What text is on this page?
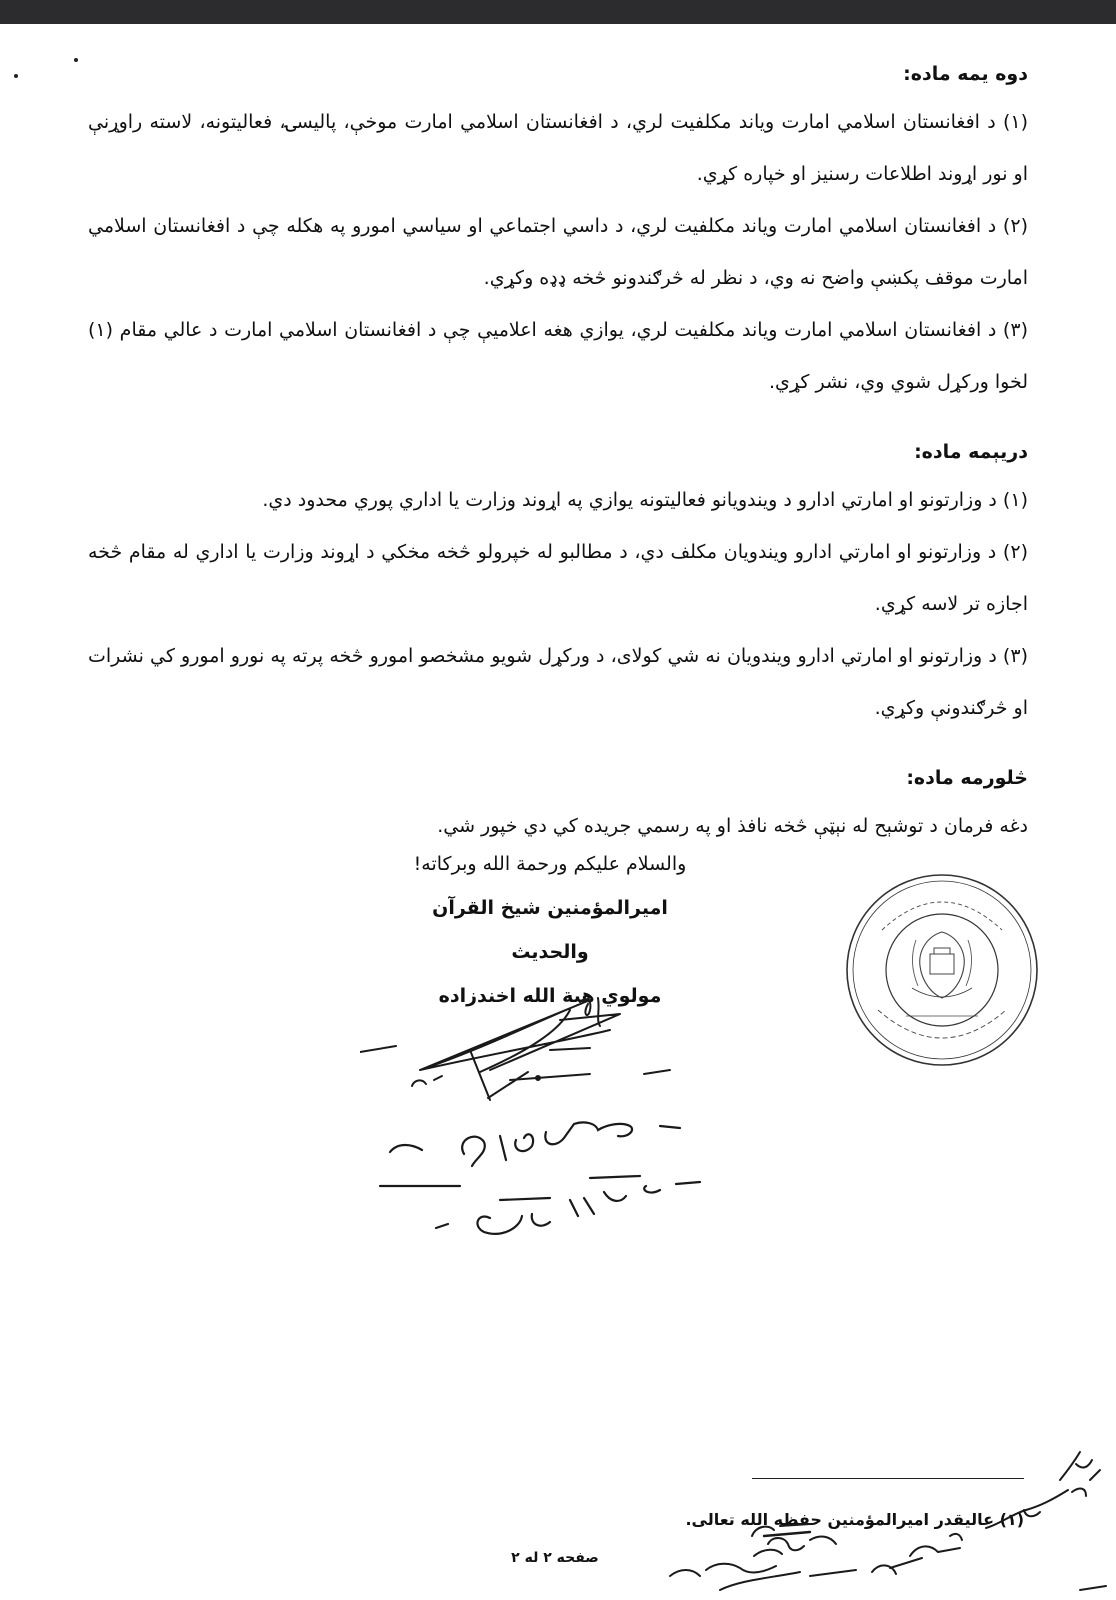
دوه یمه ماده:

(۱) د افغانستان اسلامي امارت ویاند مکلفیت لري، د افغانستان اسلامي امارت موخې، پالیسۍ، فعالیتونه، لاسته راوړنې او نور اړوند اطلاعات رسنیز او خپاره کړي.

(۲) د افغانستان اسلامي امارت ویاند مکلفیت لري، د داسي اجتماعي او سیاسي امورو په هکله چې د افغانستان اسلامي امارت موقف پکښې واضح نه وي، د نظر له څرګندونو څخه ډډه وکړي.

(۳) د افغانستان اسلامي امارت ویاند مکلفیت لري، یوازي هغه اعلامیې چې د افغانستان اسلامي امارت د عالي مقام (۱) لخوا ورکړل شوي وي، نشر کړي.

دریېمه ماده:

(۱) د وزارتونو او امارتي ادارو د ویندویانو فعالیتونه یوازي په اړوند وزارت یا اداري پوري محدود دي.

(۲) د وزارتونو او امارتي ادارو ویندویان مکلف دي، د مطالبو له خپرولو څخه مخکي د اړوند وزارت یا اداري له مقام څخه اجازه تر لاسه کړي.

(۳) د وزارتونو او امارتي ادارو ویندویان نه شي کولای، د ورکړل شویو مشخصو امورو څخه پرته په نورو امورو کي نشرات او څرګندونې وکړي.

څلورمه ماده:

دغه فرمان د توشېح له نېټې څخه نافذ او په رسمي جریده کي دي خپور شي.

والسلام علیکم ورحمة الله وبرکاته!
امیرالمؤمنین شیخ القرآن والحدیث
مولوي هبة الله اخندزاده
(۱) عالیقدر امیرالمؤمنین حفظه الله تعالی.
صفحه ۲ له ۲
